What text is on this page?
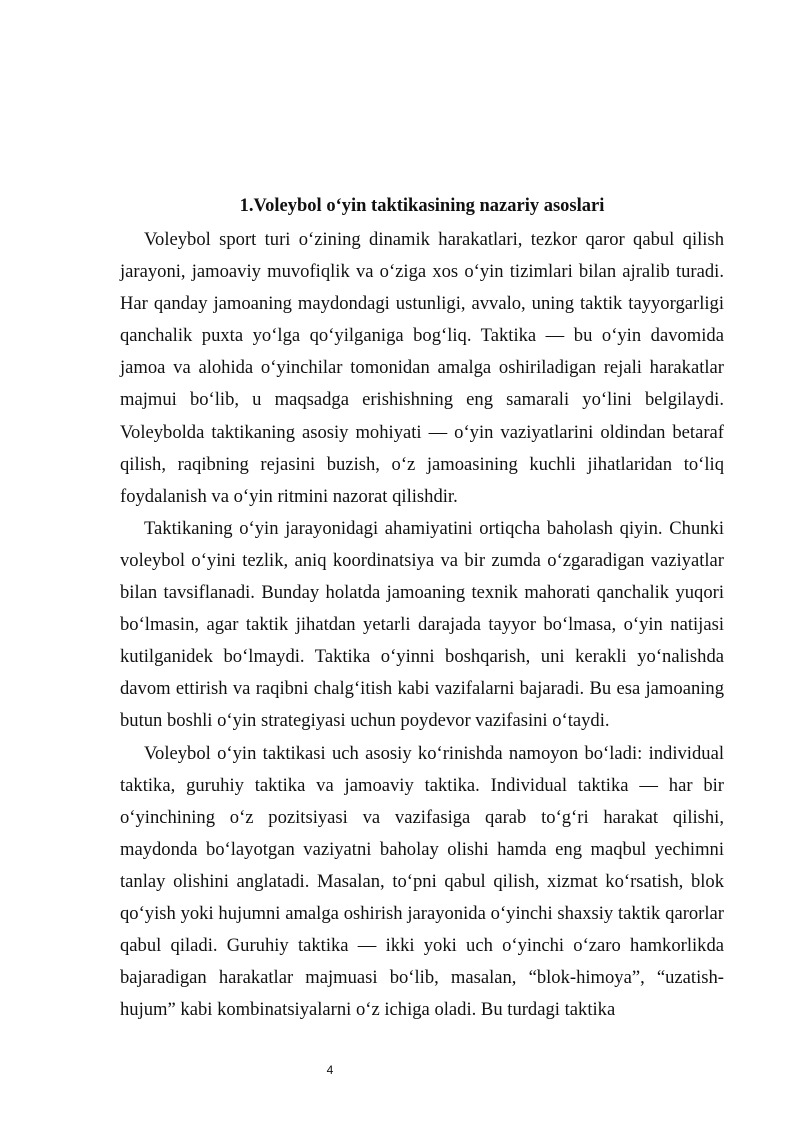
1.Voleybol o‘yin taktikasining nazariy asoslari

Voleybol sport turi o‘zining dinamik harakatlari, tezkor qaror qabul qilish jarayoni, jamoaviy muvofiqlik va o‘ziga xos o‘yin tizimlari bilan ajralib turadi. Har qanday jamoaning maydondagi ustunligi, avvalo, uning taktik tayyorgarligi qanchalik puxta yo‘lga qo‘yilganiga bog‘liq. Taktika — bu o‘yin davomida jamoa va alohida o‘yinchilar tomonidan amalga oshiriladigan rejali harakatlar majmui bo‘lib, u maqsadga erishishning eng samarali yo‘lini belgilaydi. Voleybolda taktikaning asosiy mohiyati — o‘yin vaziyatlarini oldindan betaraf qilish, raqibning rejasini buzish, o‘z jamoasining kuchli jihatlaridan to‘liq foydalanish va o‘yin ritmini nazorat qilishdir.

Taktikaning o‘yin jarayonidagi ahamiyatini ortiqcha baholash qiyin. Chunki voleybol o‘yini tezlik, aniq koordinatsiya va bir zumda o‘zgaradigan vaziyatlar bilan tavsiflanadi. Bunday holatda jamoaning texnik mahorati qanchalik yuqori bo‘lmasin, agar taktik jihatdan yetarli darajada tayyor bo‘lmasa, o‘yin natijasi kutilganidek bo‘lmaydi. Taktika o‘yinni boshqarish, uni kerakli yo‘nalishda davom ettirish va raqibni chalg‘itish kabi vazifalarni bajaradi. Bu esa jamoaning butun boshli o‘yin strategiyasi uchun poydevor vazifasini o‘taydi.

Voleybol o‘yin taktikasi uch asosiy ko‘rinishda namoyon bo‘ladi: individual taktika, guruhiy taktika va jamoaviy taktika. Individual taktika — har bir o‘yinchining o‘z pozitsiyasi va vazifasiga qarab to‘g‘ri harakat qilishi, maydonda bo‘layotgan vaziyatni baholay olishi hamda eng maqbul yechimni tanlay olishini anglatadi. Masalan, to‘pni qabul qilish, xizmat ko‘rsatish, blok qo‘yish yoki hujumni amalga oshirish jarayonida o‘yinchi shaxsiy taktik qarorlar qabul qiladi. Guruhiy taktika — ikki yoki uch o‘yinchi o‘zaro hamkorlikda bajaradigan harakatlar majmuasi bo‘lib, masalan, “blok-himoya”, “uzatish-hujum” kabi kombinatsiyalarni o‘z ichiga oladi. Bu turdagi taktika

4
